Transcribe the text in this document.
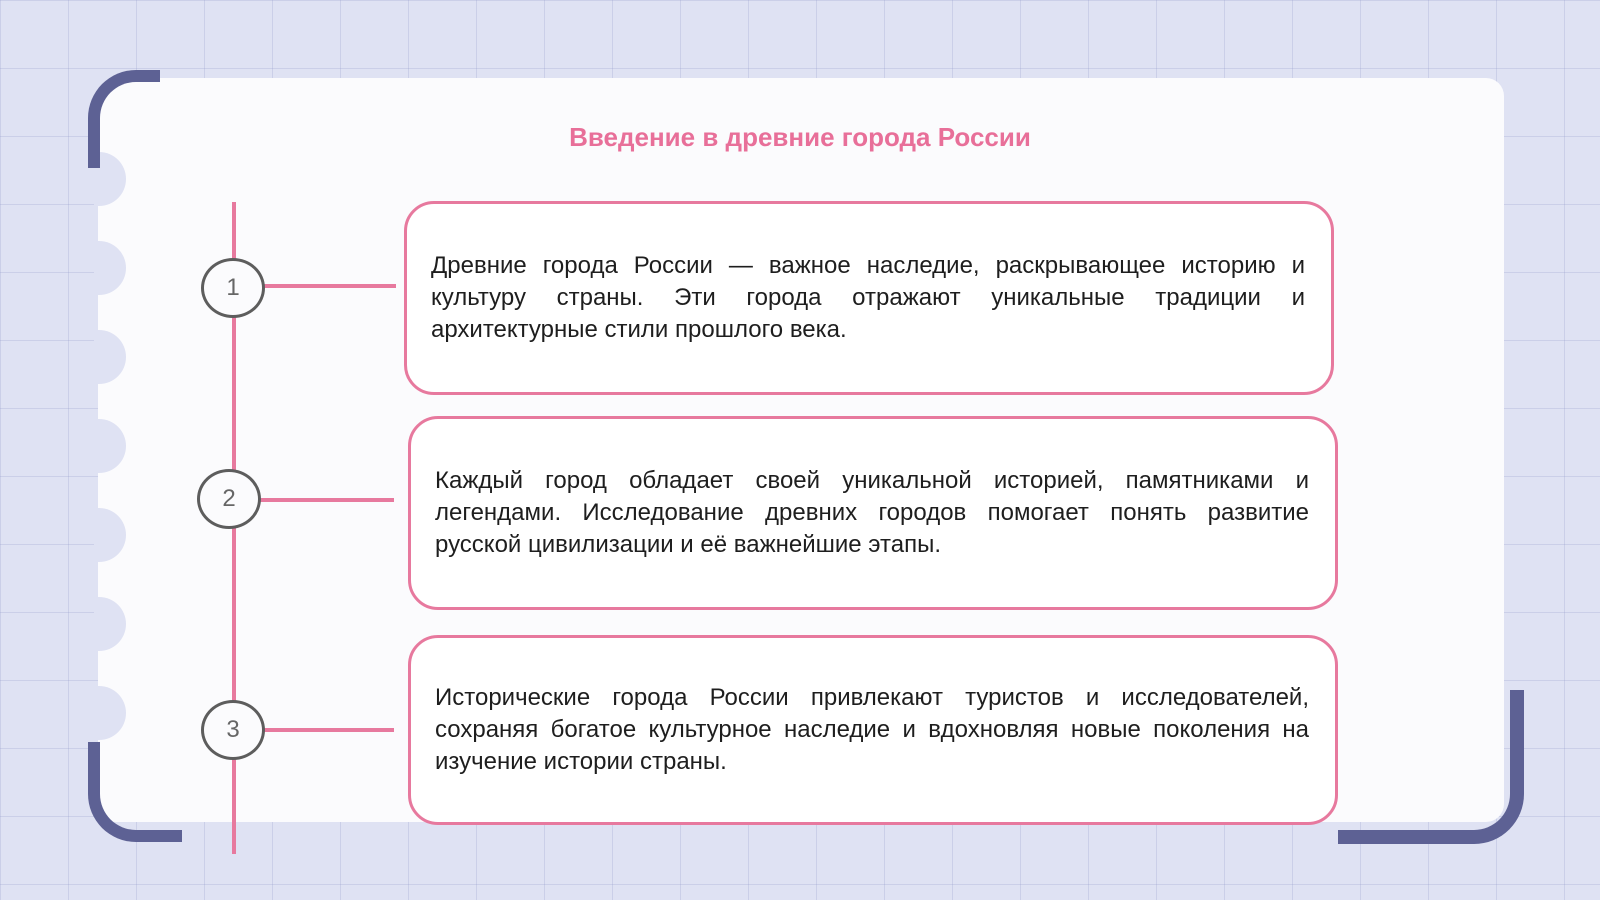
Введение в древние города России
1

Древние города России — важное наследие, раскрывающее историю и культуру страны. Эти города отражают уникальные традиции и архитектурные стили прошлого века.

2

Каждый город обладает своей уникальной историей, памятниками и легендами. Исследование древних городов помогает понять развитие русской цивилизации и её важнейшие этапы.

3

Исторические города России привлекают туристов и исследователей, сохраняя богатое культурное наследие и вдохновляя новые поколения на изучение истории страны.
